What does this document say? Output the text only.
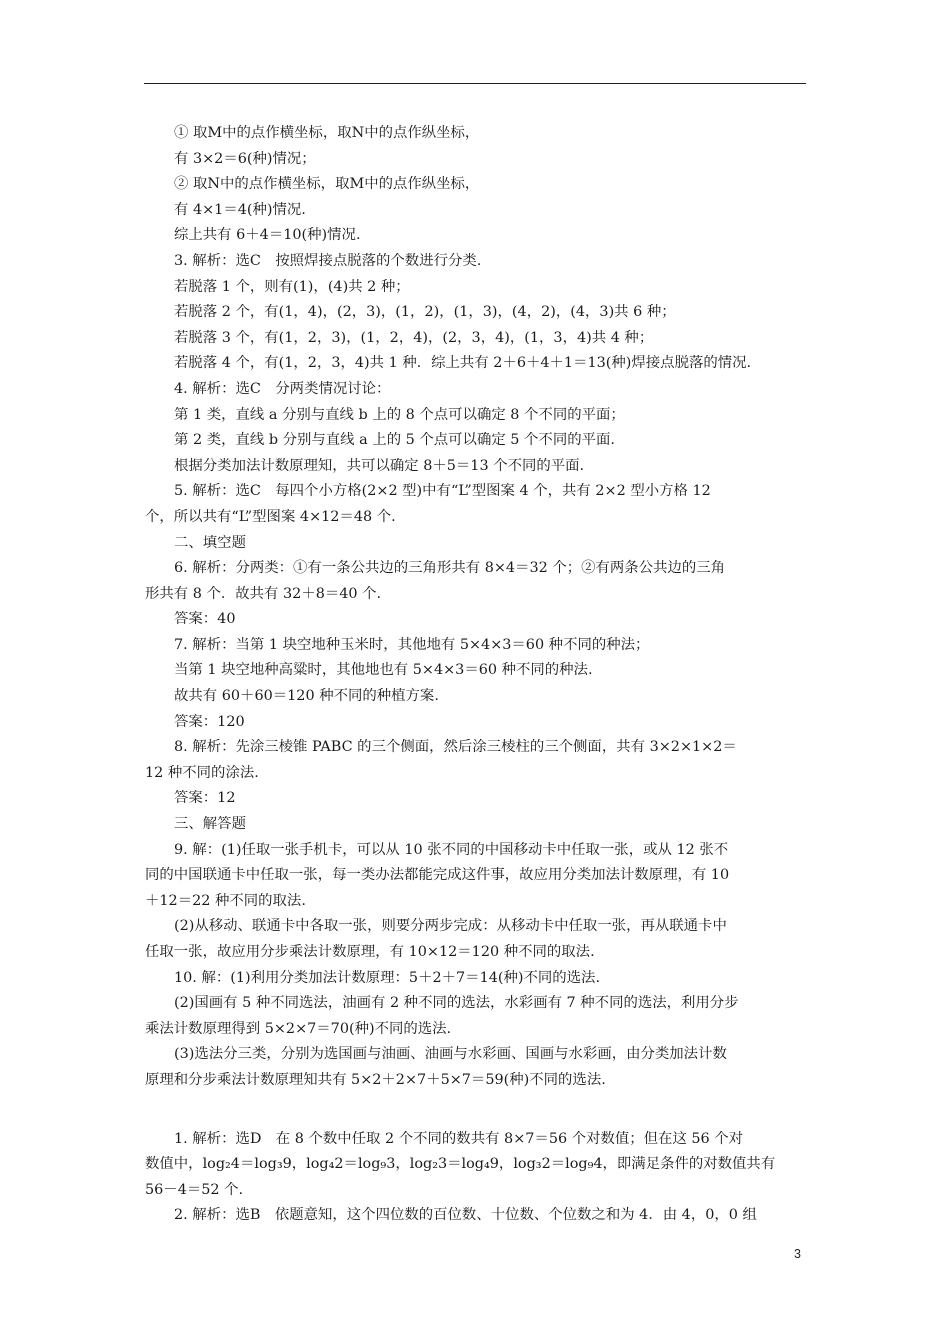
① 取M中的点作横坐标，取N中的点作纵坐标，
有 3×2＝6(种)情况；
② 取N中的点作横坐标，取M中的点作纵坐标，
有 4×1＝4(种)情况.
综上共有 6＋4＝10(种)情况.
3. 解析：选C　按照焊接点脱落的个数进行分类.
若脱落 1 个，则有(1)，(4)共 2 种；
若脱落 2 个，有(1，4)，(2，3)，(1，2)，(1，3)，(4，2)，(4，3)共 6 种；
若脱落 3 个，有(1，2，3)，(1，2，4)，(2，3，4)，(1，3，4)共 4 种；
若脱落 4 个，有(1，2，3，4)共 1 种．综上共有 2＋6＋4＋1＝13(种)焊接点脱落的情况.
4. 解析：选C　分两类情况讨论：
第 1 类，直线 a 分别与直线 b 上的 8 个点可以确定 8 个不同的平面；
第 2 类，直线 b 分别与直线 a 上的 5 个点可以确定 5 个不同的平面.
根据分类加法计数原理知，共可以确定 8＋5＝13 个不同的平面.
5. 解析：选C　每四个小方格(2×2 型)中有“L”型图案 4 个，共有 2×2 型小方格 12
个，所以共有“L”型图案 4×12＝48 个.
二、填空题
6. 解析：分两类：①有一条公共边的三角形共有 8×4＝32 个；②有两条公共边的三角
形共有 8 个．故共有 32＋8＝40 个.
答案：40
7. 解析：当第 1 块空地种玉米时，其他地有 5×4×3＝60 种不同的种法；
当第 1 块空地种高粱时，其他地也有 5×4×3＝60 种不同的种法.
故共有 60＋60＝120 种不同的种植方案.
答案：120
8. 解析：先涂三棱锥 PABC 的三个侧面，然后涂三棱柱的三个侧面，共有 3×2×1×2＝
12 种不同的涂法.
答案：12
三、解答题
9. 解：(1)任取一张手机卡，可以从 10 张不同的中国移动卡中任取一张，或从 12 张不
同的中国联通卡中任取一张，每一类办法都能完成这件事，故应用分类加法计数原理，有 10
＋12＝22 种不同的取法.
(2)从移动、联通卡中各取一张，则要分两步完成：从移动卡中任取一张，再从联通卡中
任取一张，故应用分步乘法计数原理，有 10×12＝120 种不同的取法.
10. 解：(1)利用分类加法计数原理：5＋2＋7＝14(种)不同的选法.
(2)国画有 5 种不同选法，油画有 2 种不同的选法，水彩画有 7 种不同的选法，利用分步
乘法计数原理得到 5×2×7＝70(种)不同的选法.
(3)选法分三类，分别为选国画与油画、油画与水彩画、国画与水彩画，由分类加法计数
原理和分步乘法计数原理知共有 5×2＋2×7＋5×7＝59(种)不同的选法.
1. 解析：选D　在 8 个数中任取 2 个不同的数共有 8×7＝56 个对数值；但在这 56 个对
数值中，log₂4＝log₃9，log₄2＝log₉3，log₂3＝log₄9，log₃2＝log₉4，即满足条件的对数值共有
56－4＝52 个.
2. 解析：选B　依题意知，这个四位数的百位数、十位数、个位数之和为 4．由 4，0，0 组
3
